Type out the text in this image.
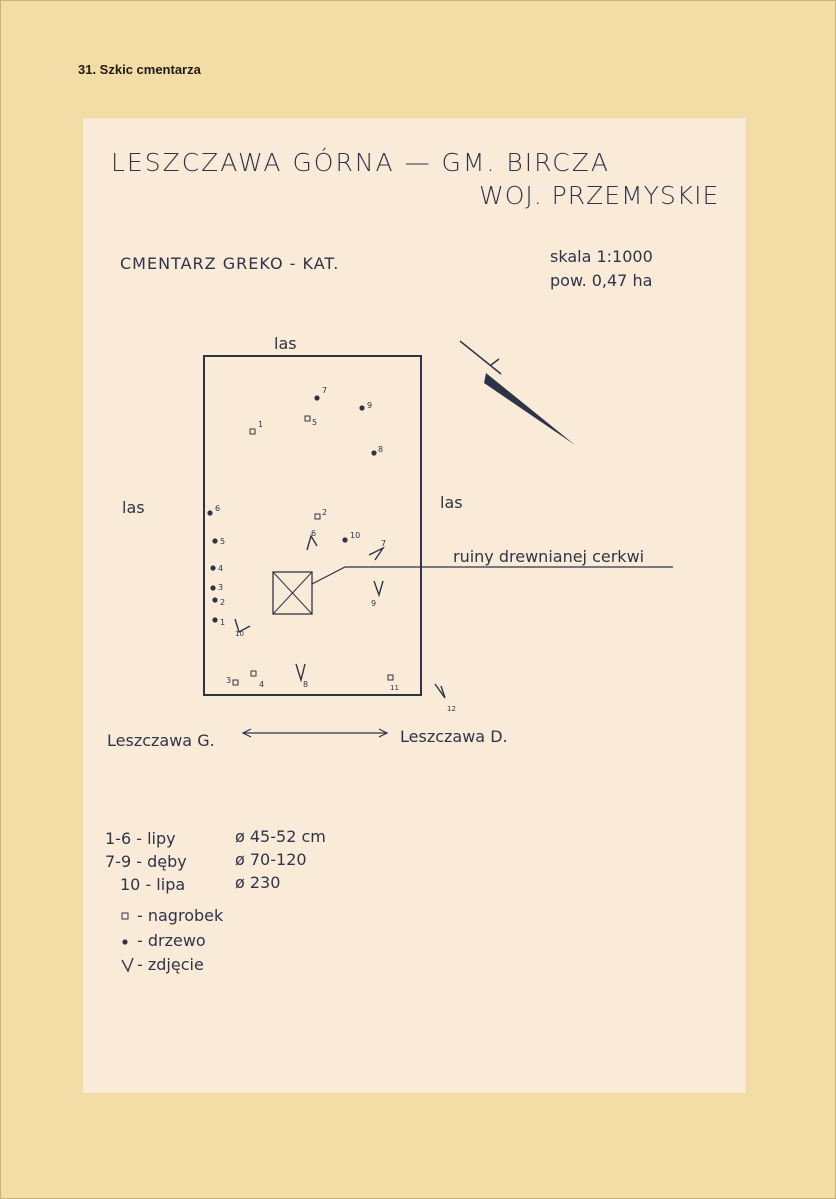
31. Szkic cmentarza
LESZCZAWA GÓRNA — GM. BIRCZA
WOJ. PRZEMYSKIE
CMENTARZ GREKO - KAT.	skala 1:1000
pow. 0,47 ha
1	5
7
9
8
6	2
5
6	10
7
4
3
2	9
1
10
3	4	8	11
12
las
las	las
ruiny drewnianej cerkwi
Leszczawa G.	Leszczawa D.
1-6 - lipy	ø 45-52 cm
7-9 - dęby	ø 70-120
10 - lipa	ø 230
- nagrobek
- drzewo
- zdjęcie
